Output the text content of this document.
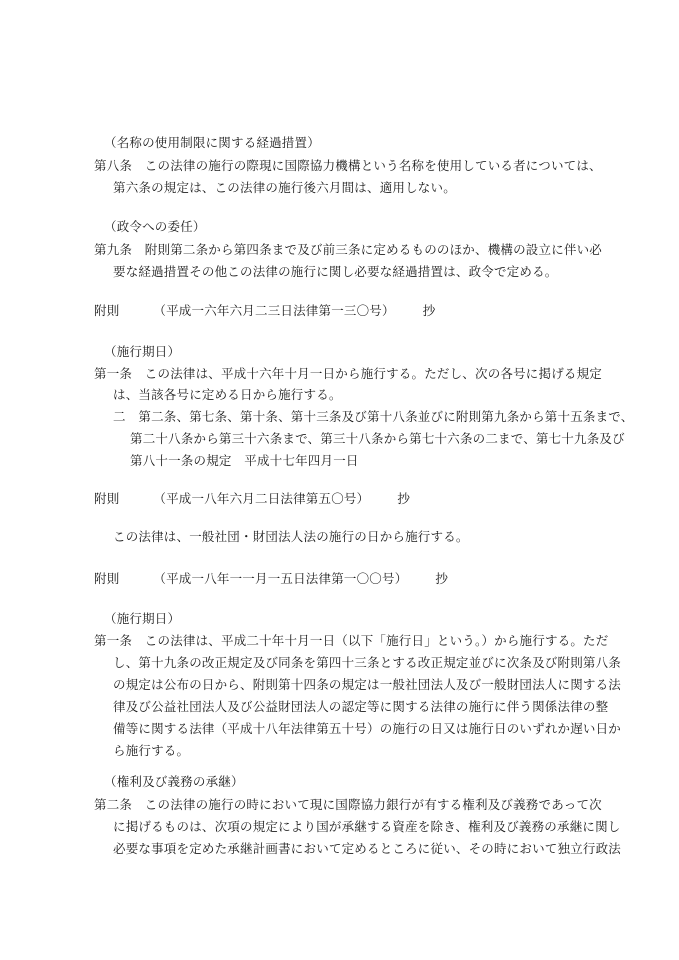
（名称の使用制限に関する経過措置）
第八条　この法律の施行の際現に国際協力機構という名称を使用している者については、
第六条の規定は、この法律の施行後六月間は、適用しない。
（政令への委任）
第九条　附則第二条から第四条まで及び前三条に定めるもののほか、機構の設立に伴い必
要な経過措置その他この法律の施行に関し必要な経過措置は、政令で定める。
附則	（平成一六年六月二三日法律第一三〇号） 抄
（施行期日）
第一条　この法律は、平成十六年十月一日から施行する。ただし、次の各号に掲げる規定
は、当該各号に定める日から施行する。
二　第二条、第七条、第十条、第十三条及び第十八条並びに附則第九条から第十五条まで、
第二十八条から第三十六条まで、第三十八条から第七十六条の二まで、第七十九条及び
第八十一条の規定　平成十七年四月一日
附則	（平成一八年六月二日法律第五〇号） 抄
この法律は、一般社団・財団法人法の施行の日から施行する。
附則	（平成一八年一一月一五日法律第一〇〇号） 抄
（施行期日）
第一条　この法律は、平成二十年十月一日（以下「施行日」という。）から施行する。ただ
し、第十九条の改正規定及び同条を第四十三条とする改正規定並びに次条及び附則第八条
の規定は公布の日から、附則第十四条の規定は一般社団法人及び一般財団法人に関する法
律及び公益社団法人及び公益財団法人の認定等に関する法律の施行に伴う関係法律の整
備等に関する法律（平成十八年法律第五十号）の施行の日又は施行日のいずれか遅い日か
ら施行する。
（権利及び義務の承継）
第二条　この法律の施行の時において現に国際協力銀行が有する権利及び義務であって次
に掲げるものは、次項の規定により国が承継する資産を除き、権利及び義務の承継に関し
必要な事項を定めた承継計画書において定めるところに従い、その時において独立行政法
